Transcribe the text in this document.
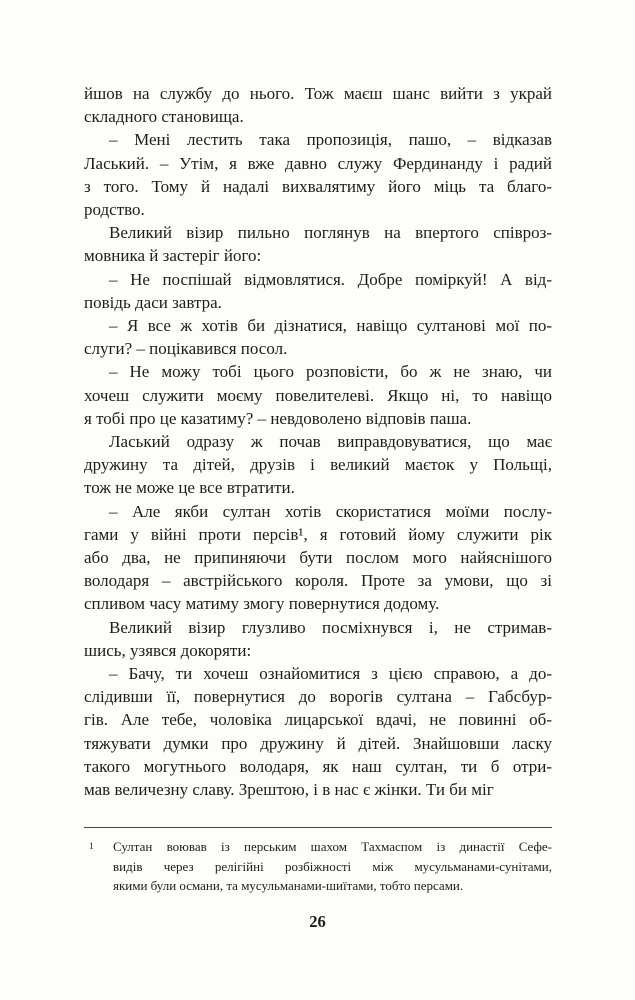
йшов на службу до нього. Тож маєш шанс вийти з украй
складного становища.

– Мені лестить така пропозиція, пашо, – відказав
Ласький. – Утім, я вже давно служу Фердинанду і радий
з того. Тому й надалі вихвалятиму його міць та благо-
родство.

Великий візир пильно поглянув на впертого співроз-
мовника й застеріг його:

– Не поспішай відмовлятися. Добре поміркуй! А від-
повідь даси завтра.

– Я все ж хотів би дізнатися, навіщо султанові мої по-
слуги? – поцікавився посол.

– Не можу тобі цього розповісти, бо ж не знаю, чи
хочеш служити моєму повелителеві. Якщо ні, то навіщо
я тобі про це казатиму? – невдоволено відповів паша.

Ласький одразу ж почав виправдовуватися, що має
дружину та дітей, друзів і великий маєток у Польщі,
тож не може це все втратити.

– Але якби султан хотів скористатися моїми послу-
гами у війні проти персів¹, я готовий йому служити рік
або два, не припиняючи бути послом мого найяснішого
володаря – австрійського короля. Проте за умови, що зі
спливом часу матиму змогу повернутися додому.

Великий візир глузливо посміхнувся і, не стримав-
шись, узявся докоряти:

– Бачу, ти хочеш ознайомитися з цією справою, а до-
слідивши її, повернутися до ворогів султана – Габсбур-
гів. Але тебе, чоловіка лицарської вдачі, не повинні об-
тяжувати думки про дружину й дітей. Знайшовши ласку
такого могутнього володаря, як наш султан, ти б отри-
мав величезну славу. Зрештою, і в нас є жінки. Ти би міг

1 Султан воював із перським шахом Тахмаспом із династії Сефе-
видів через релігійні розбіжності між мусульманами-сунітами,
якими були османи, та мусульманами-шиїтами, тобто персами.
26
